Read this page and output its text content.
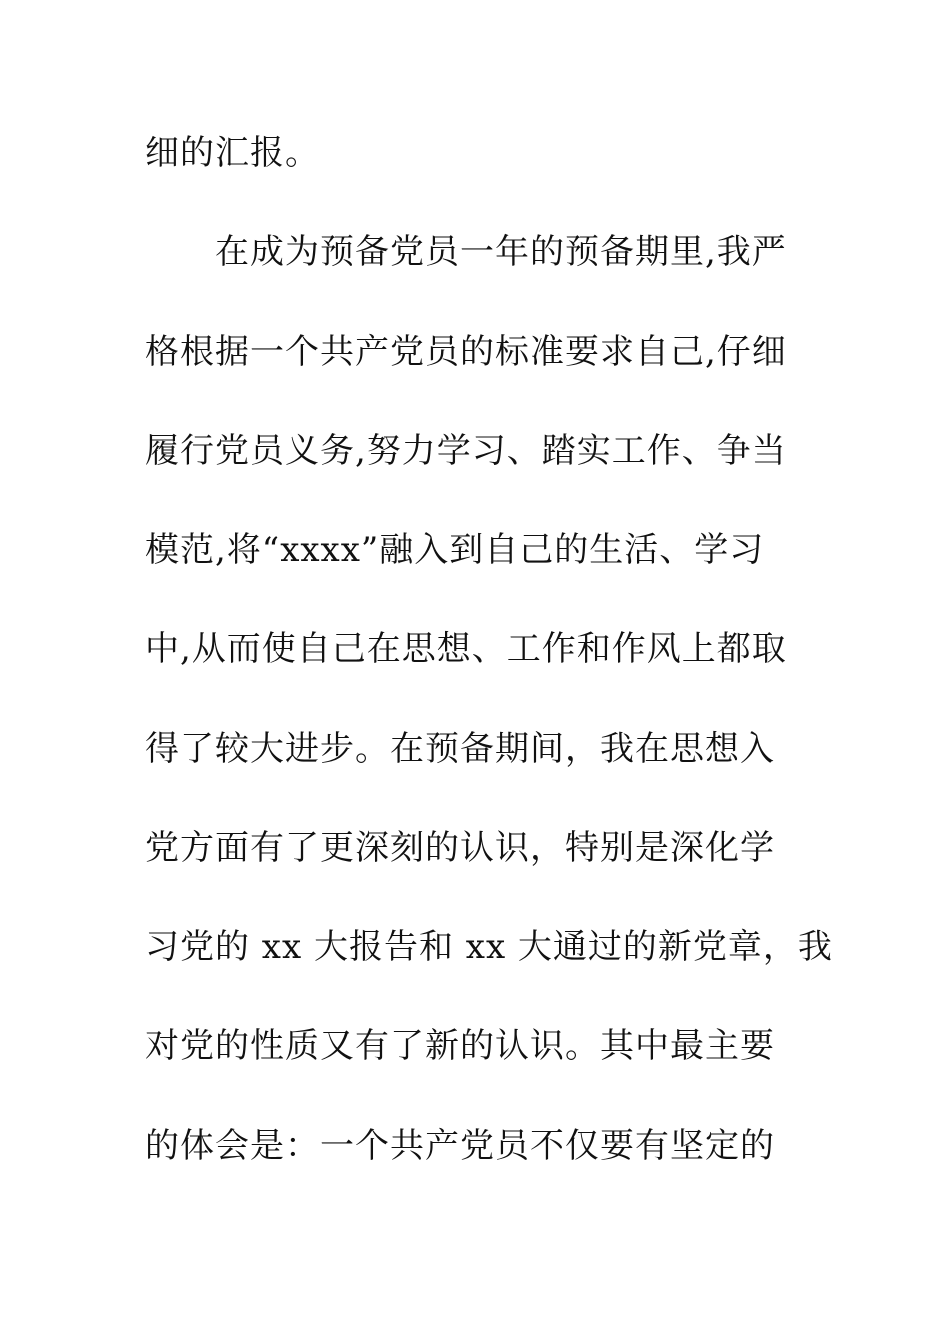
细的汇报。
在成为预备党员一年的预备期里,我严
格根据一个共产党员的标准要求自己,仔细
履行党员义务,努力学习、踏实工作、争当
模范,将“xxxx”融入到自己的生活、学习
中,从而使自己在思想、工作和作风上都取
得了较大进步。在预备期间，我在思想入
党方面有了更深刻的认识，特别是深化学
习党的 xx 大报告和 xx 大通过的新党章，我
对党的性质又有了新的认识。其中最主要
的体会是：一个共产党员不仅要有坚定的
